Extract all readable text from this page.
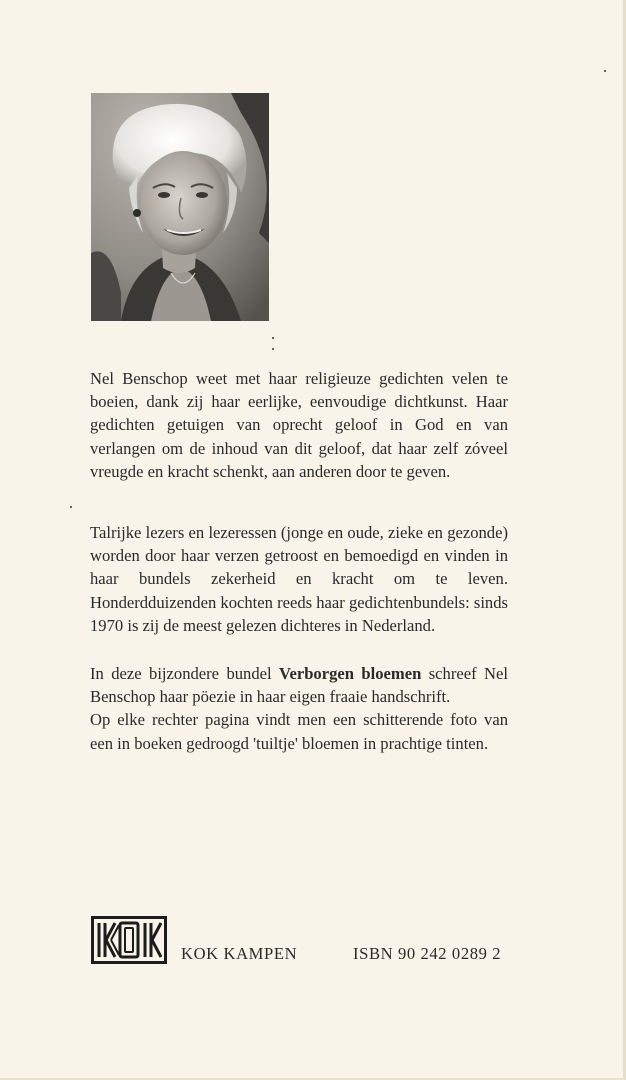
Nel Benschop weet met haar religieuze gedichten velen te boeien, dank zij haar eerlijke, eenvoudige dichtkunst. Haar gedichten getuigen van oprecht geloof in God en van verlangen om de inhoud van dit geloof, dat haar zelf zóveel vreugde en kracht schenkt, aan anderen door te geven.

Talrijke lezers en lezeressen (jonge en oude, zieke en gezonde) worden door haar verzen getroost en bemoedigd en vinden in haar bundels zekerheid en kracht om te leven. Honderdduizenden kochten reeds haar gedichtenbundels: sinds 1970 is zij de meest gelezen dichteres in Nederland.

In deze bijzondere bundel Verborgen bloemen schreef Nel Benschop haar pöezie in haar eigen fraaie handschrift.

Op elke rechter pagina vindt men een schitterende foto van een in boeken gedroogd 'tuiltje' bloemen in prachtige tinten.

KOK KAMPEN	ISBN 90 242 0289 2
